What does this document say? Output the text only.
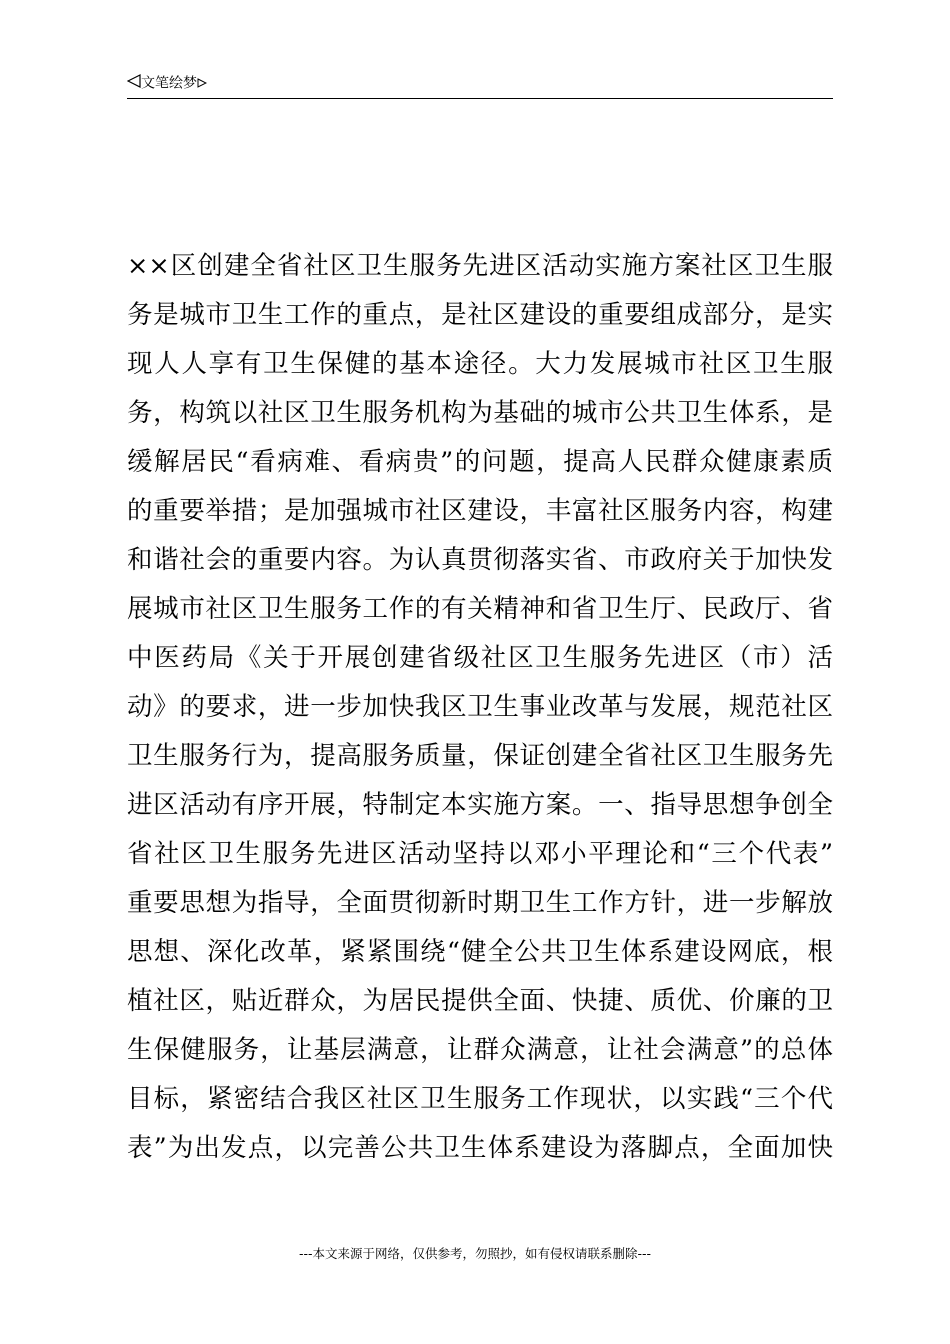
文笔绘梦
××区创建全省社区卫生服务先进区活动实施方案社区卫生服
务是城市卫生工作的重点，是社区建设的重要组成部分，是实
现人人享有卫生保健的基本途径。大力发展城市社区卫生服
务，构筑以社区卫生服务机构为基础的城市公共卫生体系，是
缓解居民“看病难、看病贵”的问题，提高人民群众健康素质
的重要举措；是加强城市社区建设，丰富社区服务内容，构建
和谐社会的重要内容。为认真贯彻落实省、市政府关于加快发
展城市社区卫生服务工作的有关精神和省卫生厅、民政厅、省
中医药局《关于开展创建省级社区卫生服务先进区（市）活
动》的要求，进一步加快我区卫生事业改革与发展，规范社区
卫生服务行为，提高服务质量，保证创建全省社区卫生服务先
进区活动有序开展，特制定本实施方案。一、指导思想争创全
省社区卫生服务先进区活动坚持以邓小平理论和“三个代表”
重要思想为指导，全面贯彻新时期卫生工作方针，进一步解放
思想、深化改革，紧紧围绕“健全公共卫生体系建设网底，根
植社区，贴近群众，为居民提供全面、快捷、质优、价廉的卫
生保健服务，让基层满意，让群众满意，让社会满意”的总体
目标，紧密结合我区社区卫生服务工作现状，以实践“三个代
表”为出发点，以完善公共卫生体系建设为落脚点，全面加快
---本文来源于网络，仅供参考，勿照抄，如有侵权请联系删除---
